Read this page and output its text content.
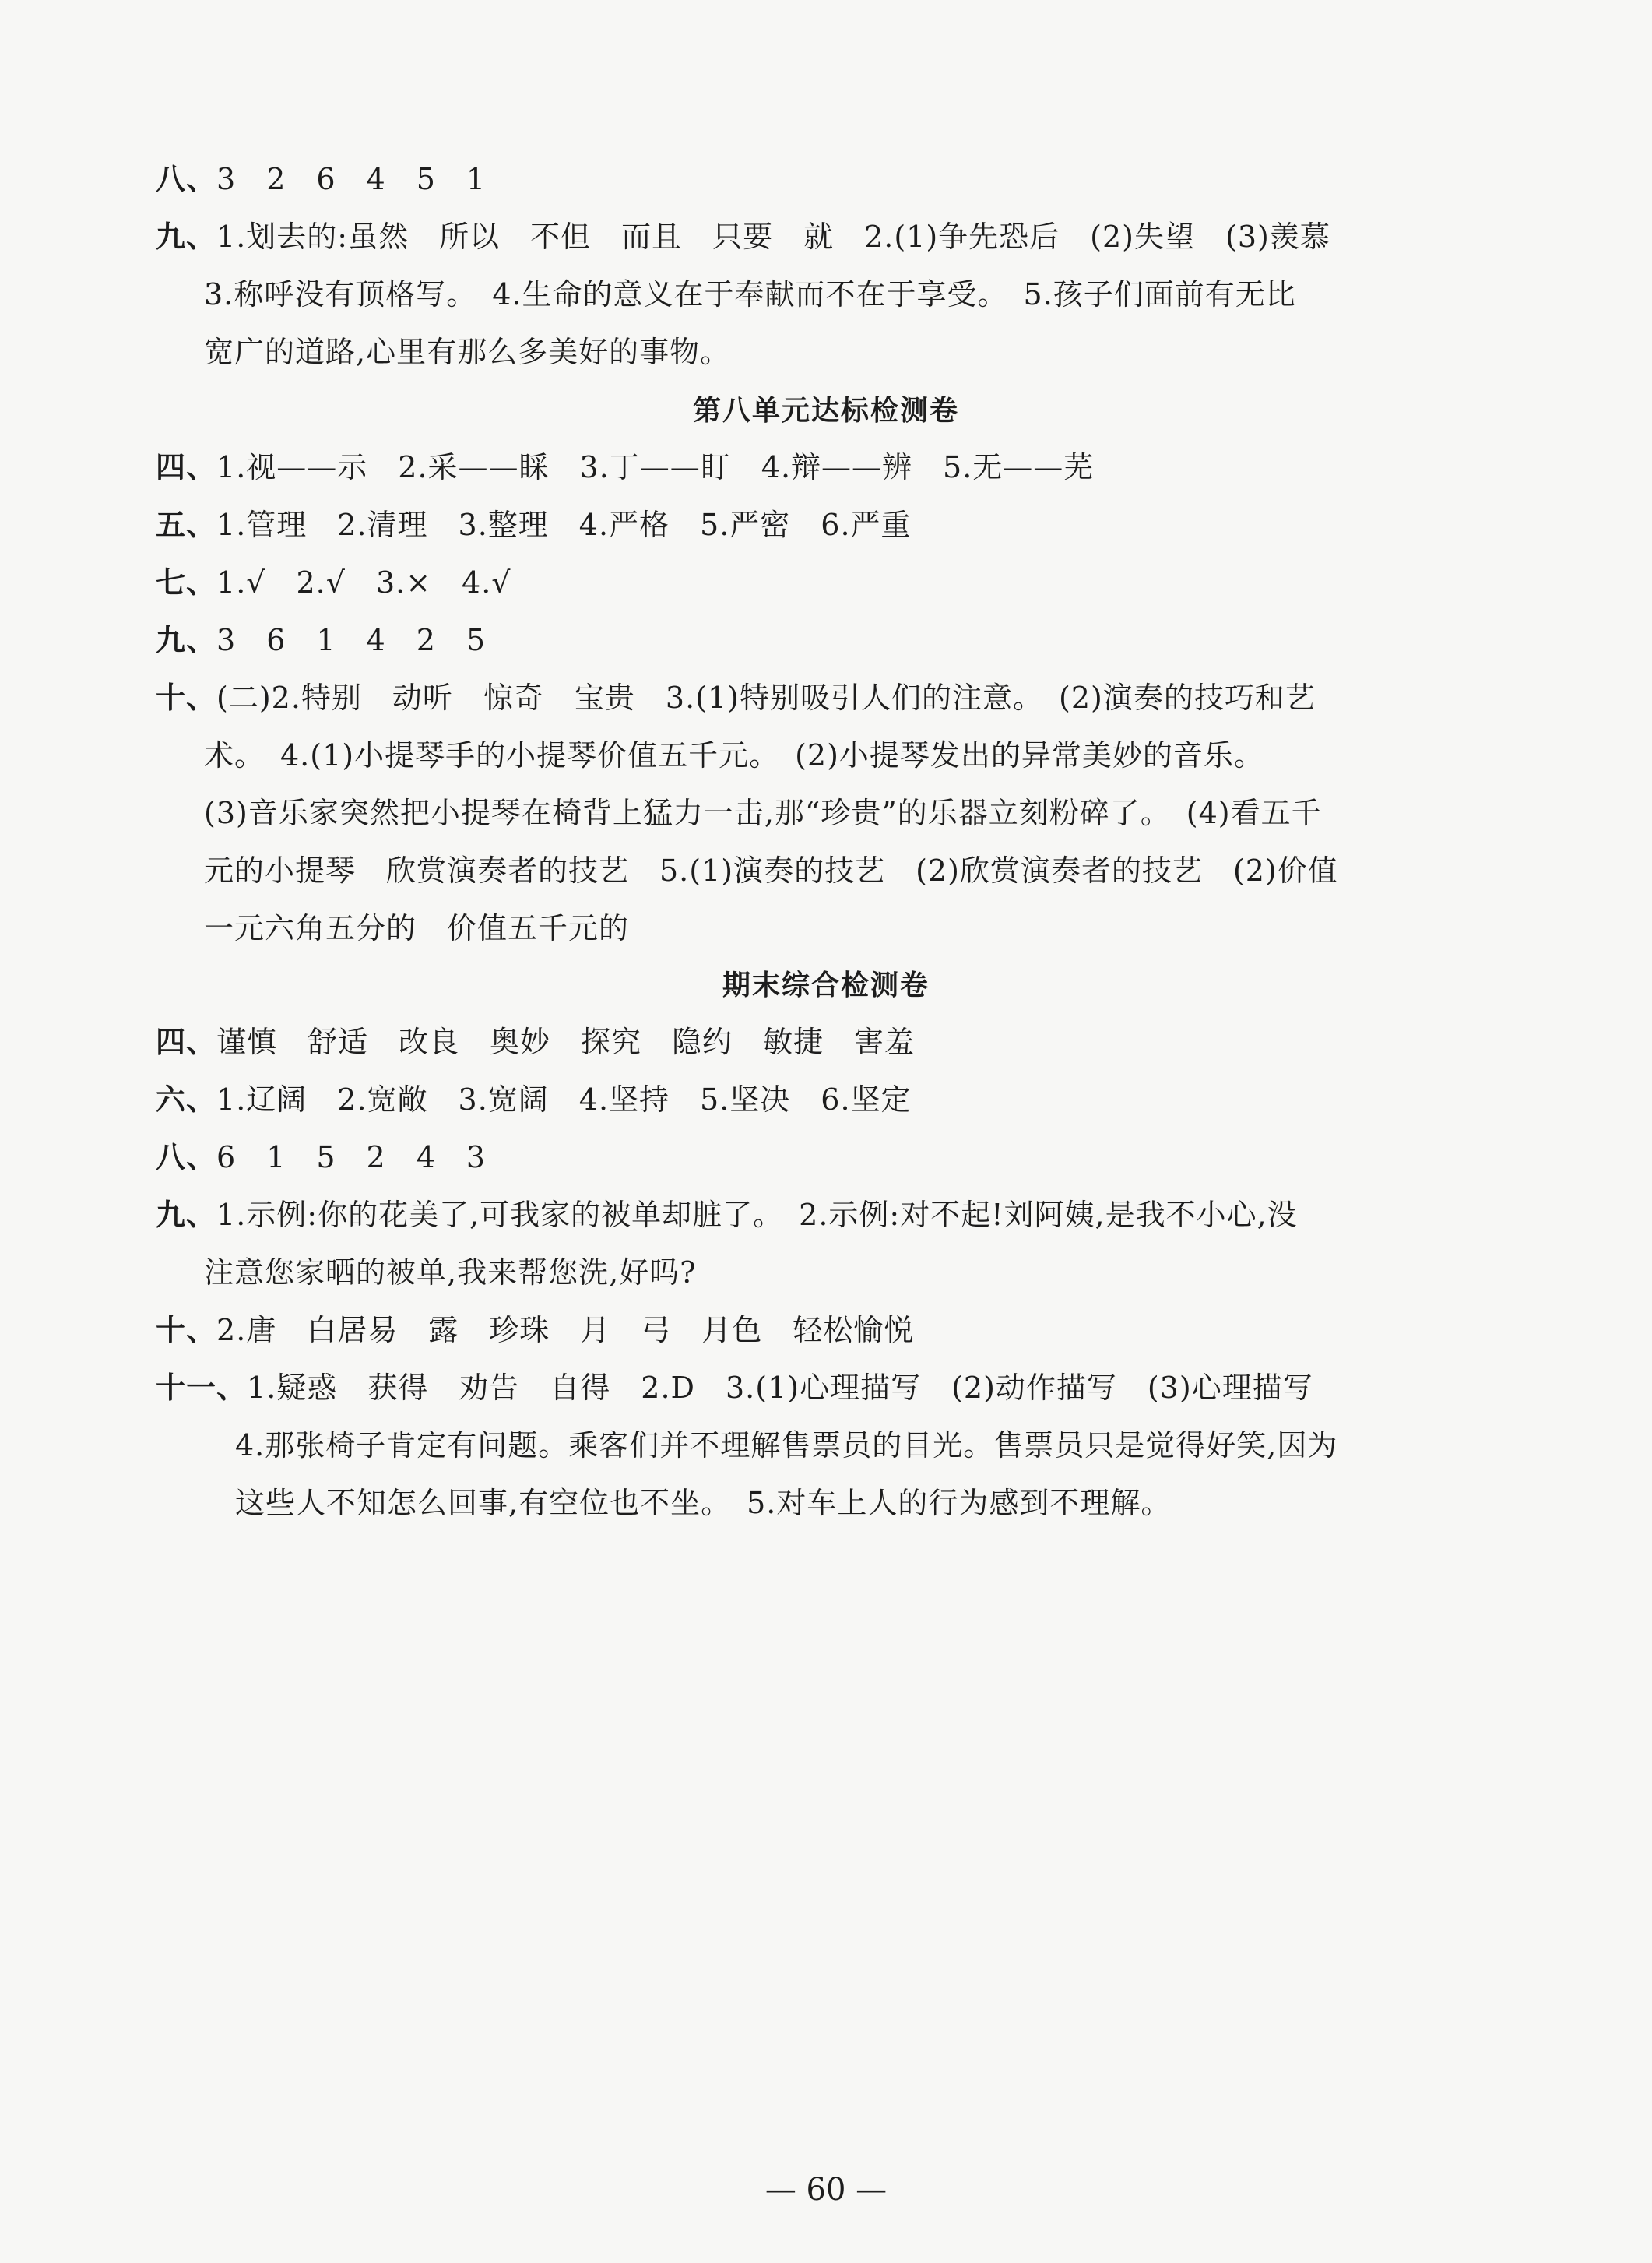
八、3　2　6　4　5　1
九、1.划去的:虽然　所以　不但　而且　只要　就　2.(1)争先恐后　(2)失望　(3)羡慕
3.称呼没有顶格写。　4.生命的意义在于奉献而不在于享受。　5.孩子们面前有无比
宽广的道路,心里有那么多美好的事物。
第八单元达标检测卷
四、1.视——示　2.采——睬　3.丁——盯　4.辩——辨　5.无——芜
五、1.管理　2.清理　3.整理　4.严格　5.严密　6.严重
七、1.√　2.√　3.×　4.√
九、3　6　1　4　2　5
十、(二)2.特别　动听　惊奇　宝贵　3.(1)特别吸引人们的注意。　(2)演奏的技巧和艺
术。　4.(1)小提琴手的小提琴价值五千元。　(2)小提琴发出的异常美妙的音乐。
(3)音乐家突然把小提琴在椅背上猛力一击,那“珍贵”的乐器立刻粉碎了。　(4)看五千
元的小提琴　欣赏演奏者的技艺　5.(1)演奏的技艺　(2)欣赏演奏者的技艺　(2)价值
一元六角五分的　价值五千元的
期末综合检测卷
四、谨慎　舒适　改良　奥妙　探究　隐约　敏捷　害羞
六、1.辽阔　2.宽敞　3.宽阔　4.坚持　5.坚决　6.坚定
八、6　1　5　2　4　3
九、1.示例:你的花美了,可我家的被单却脏了。　2.示例:对不起!刘阿姨,是我不小心,没
注意您家晒的被单,我来帮您洗,好吗?
十、2.唐　白居易　露　珍珠　月　弓　月色　轻松愉悦
十一、1.疑惑　获得　劝告　自得　2.D　3.(1)心理描写　(2)动作描写　(3)心理描写
4.那张椅子肯定有问题。乘客们并不理解售票员的目光。售票员只是觉得好笑,因为
这些人不知怎么回事,有空位也不坐。　5.对车上人的行为感到不理解。
— 60 —
